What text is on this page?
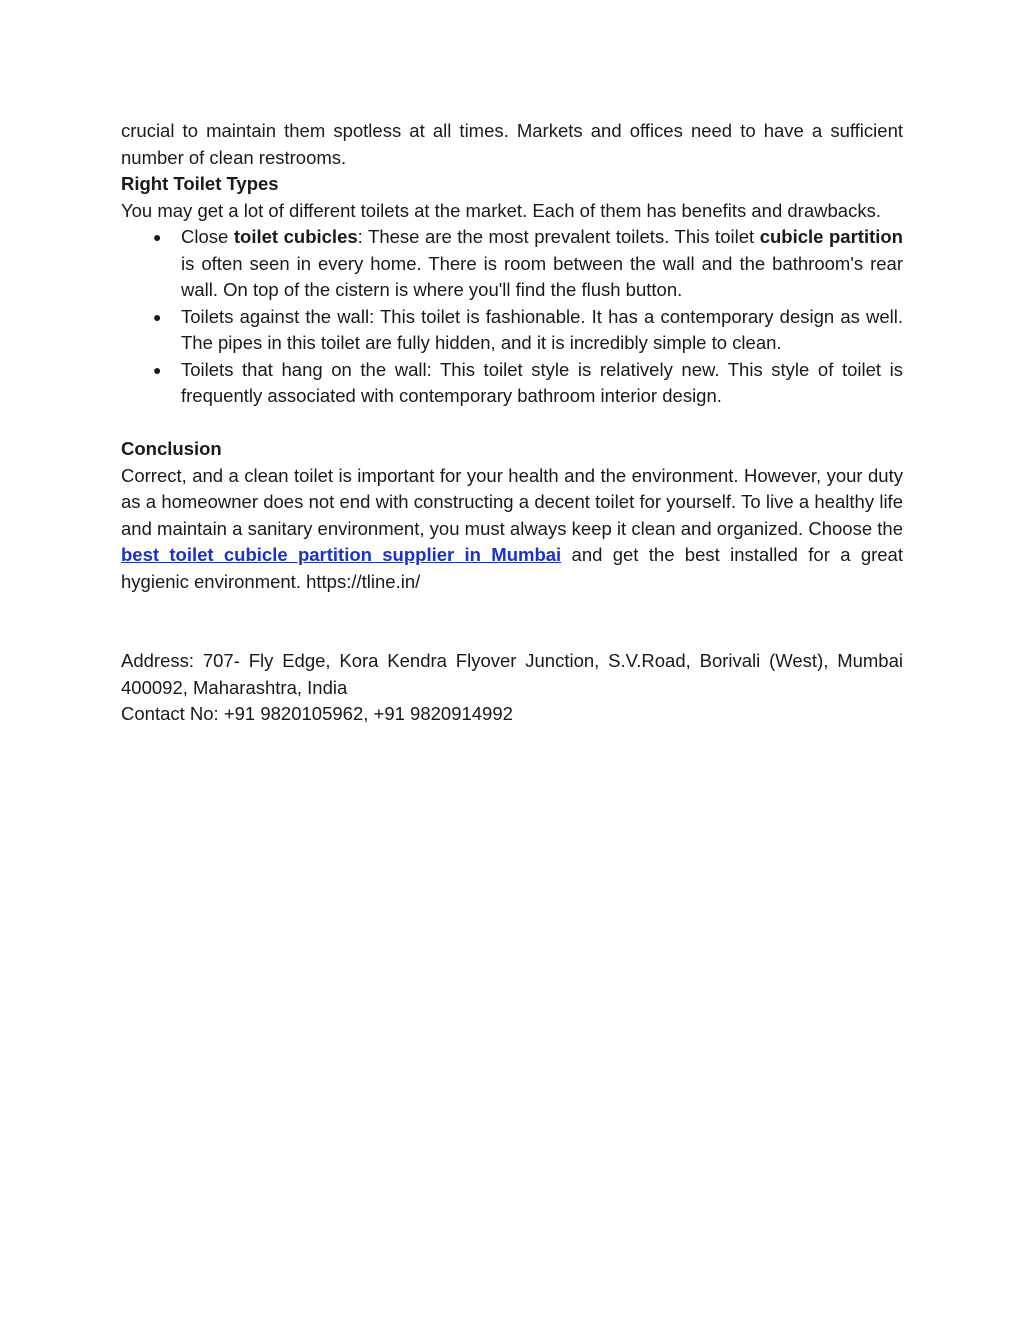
crucial to maintain them spotless at all times. Markets and offices need to have a sufficient number of clean restrooms.

Right Toilet Types

You may get a lot of different toilets at the market. Each of them has benefits and drawbacks.

● Close toilet cubicles: These are the most prevalent toilets. This toilet cubicle partition is often seen in every home. There is room between the wall and the bathroom's rear wall. On top of the cistern is where you'll find the flush button.
● Toilets against the wall: This toilet is fashionable. It has a contemporary design as well. The pipes in this toilet are fully hidden, and it is incredibly simple to clean.
● Toilets that hang on the wall: This toilet style is relatively new. This style of toilet is frequently associated with contemporary bathroom interior design.

Conclusion

Correct, and a clean toilet is important for your health and the environment. However, your duty as a homeowner does not end with constructing a decent toilet for yourself. To live a healthy life and maintain a sanitary environment, you must always keep it clean and organized. Choose the best toilet cubicle partition supplier in Mumbai and get the best installed for a great hygienic environment. https://tline.in/

Address: 707- Fly Edge, Kora Kendra Flyover Junction, S.V.Road, Borivali (West), Mumbai 400092, Maharashtra, India

Contact No: +91 9820105962, +91 9820914992
